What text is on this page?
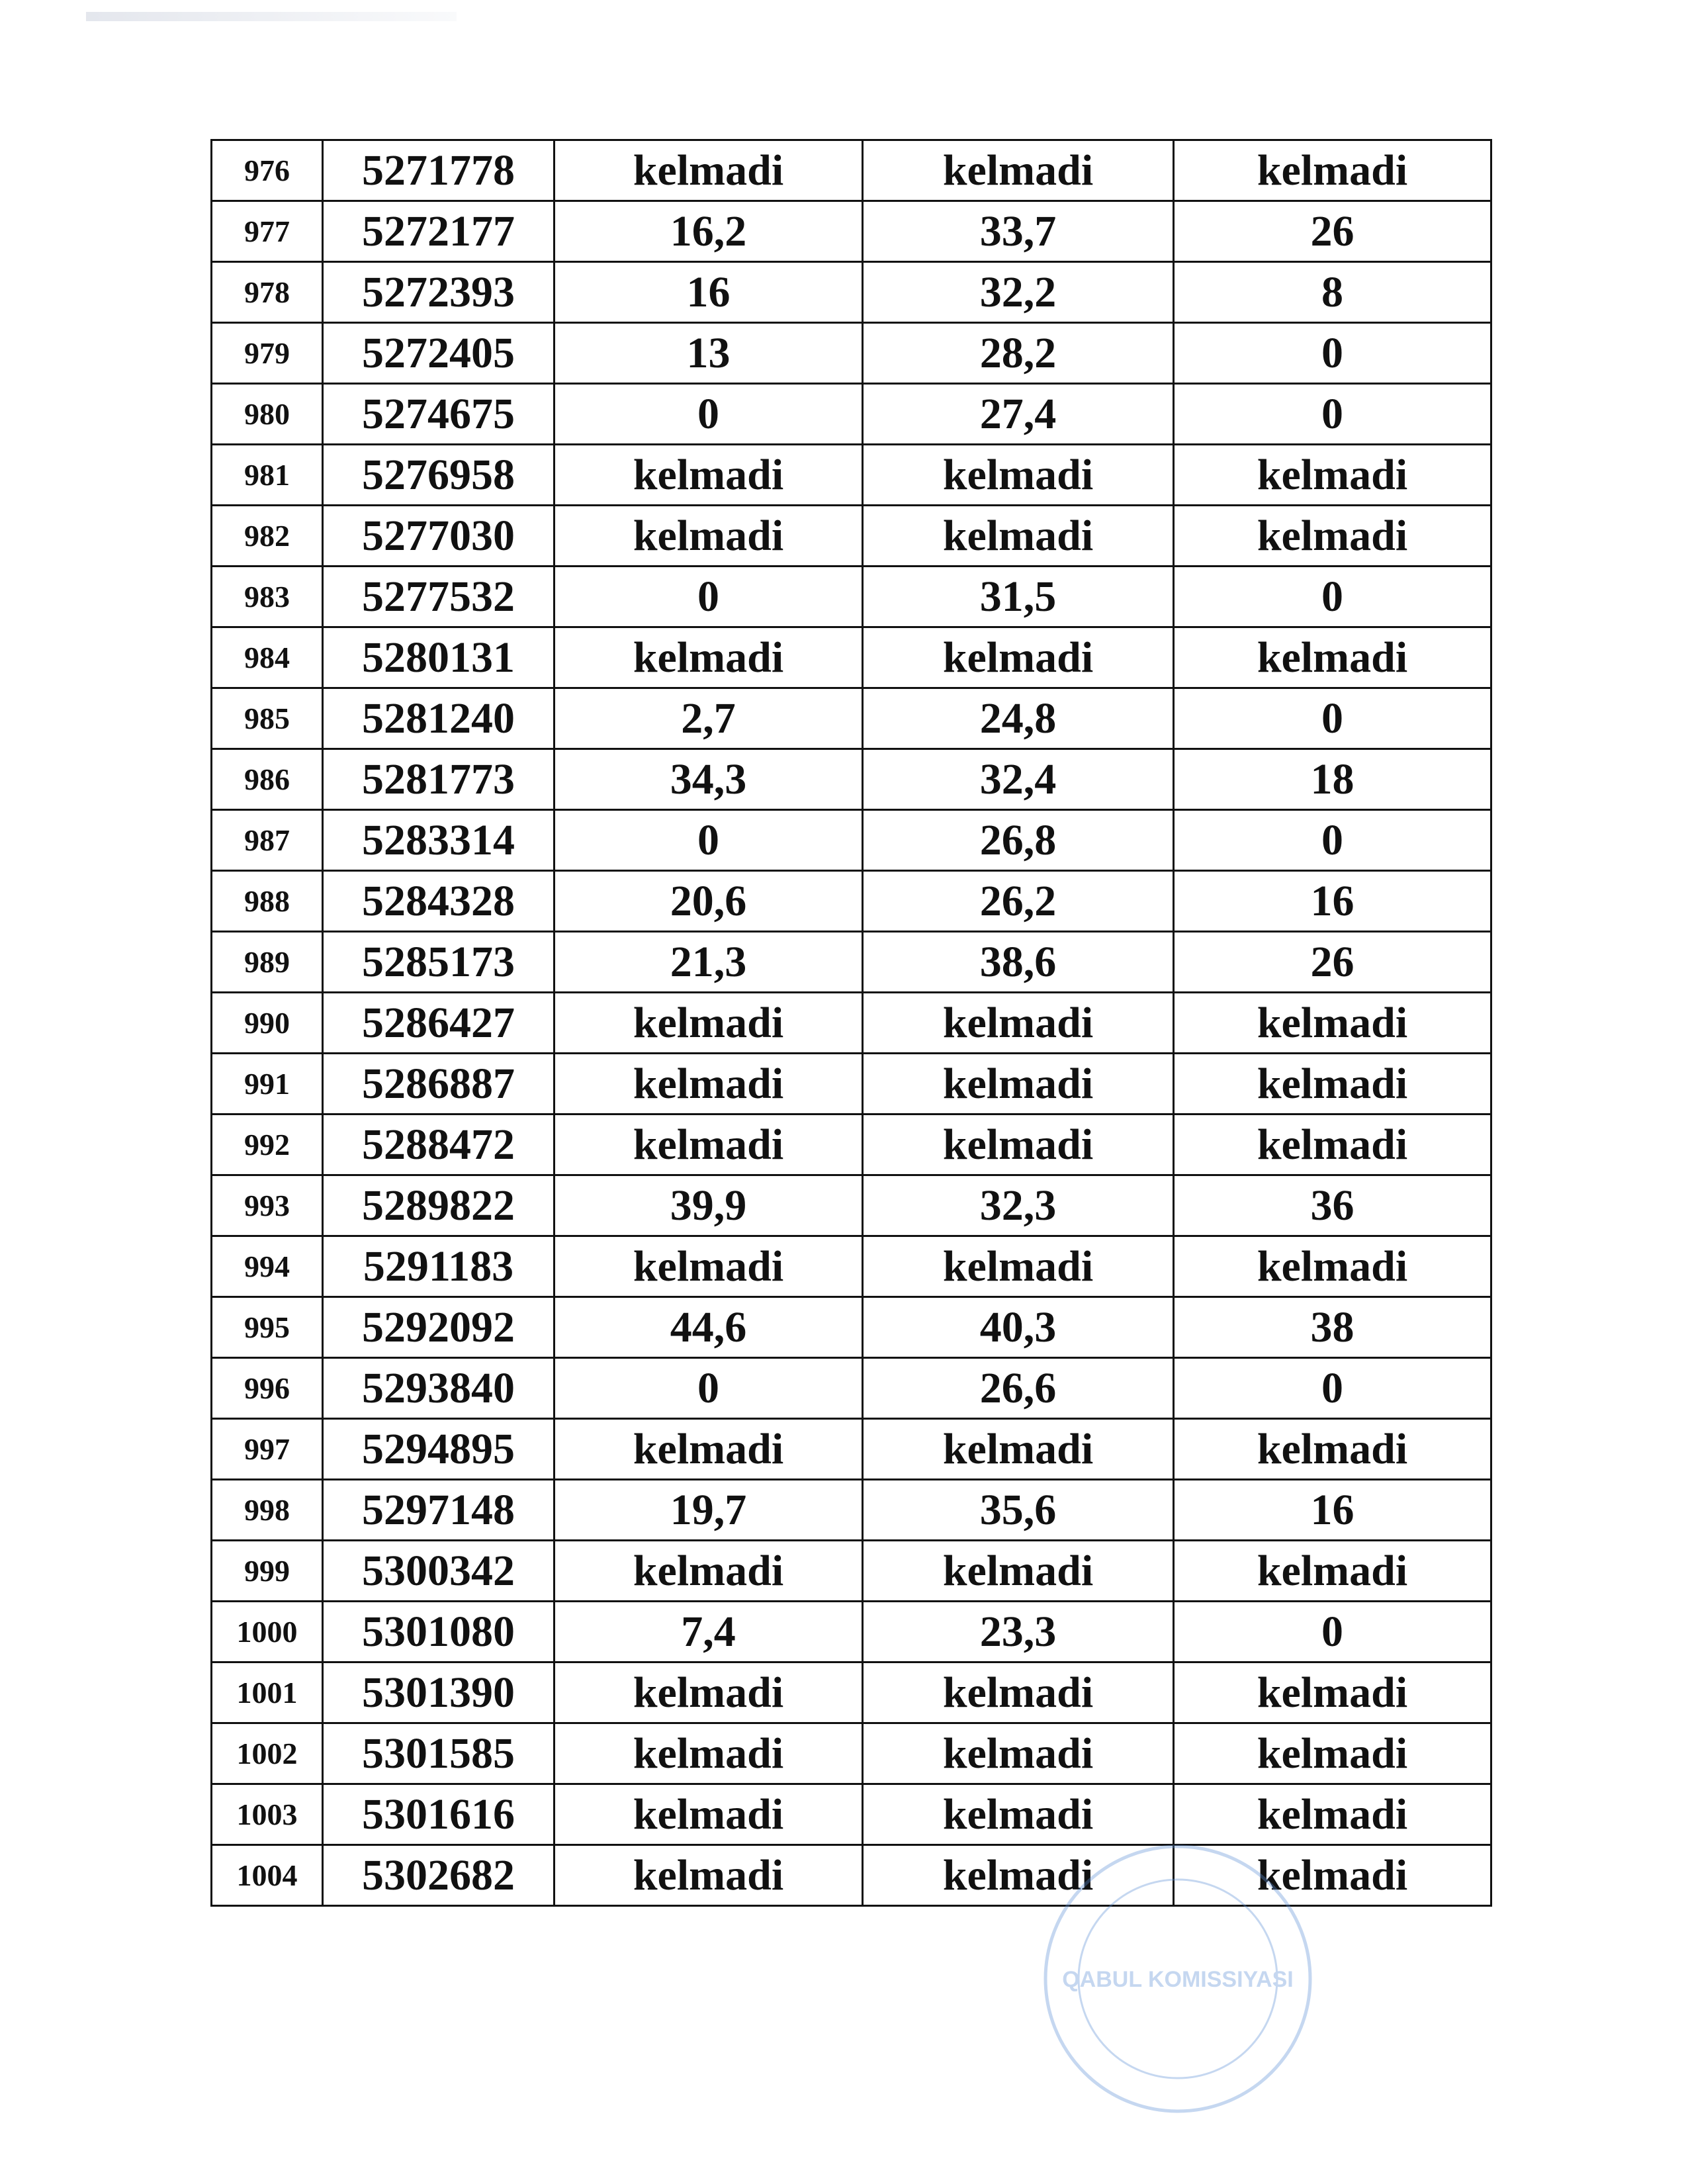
976	5271778	kelmadi	kelmadi	kelmadi
977	5272177	16,2	33,7	26
978	5272393	16	32,2	8
979	5272405	13	28,2	0
980	5274675	0	27,4	0
981	5276958	kelmadi	kelmadi	kelmadi
982	5277030	kelmadi	kelmadi	kelmadi
983	5277532	0	31,5	0
984	5280131	kelmadi	kelmadi	kelmadi
985	5281240	2,7	24,8	0
986	5281773	34,3	32,4	18
987	5283314	0	26,8	0
988	5284328	20,6	26,2	16
989	5285173	21,3	38,6	26
990	5286427	kelmadi	kelmadi	kelmadi
991	5286887	kelmadi	kelmadi	kelmadi
992	5288472	kelmadi	kelmadi	kelmadi
993	5289822	39,9	32,3	36
994	5291183	kelmadi	kelmadi	kelmadi
995	5292092	44,6	40,3	38
996	5293840	0	26,6	0
997	5294895	kelmadi	kelmadi	kelmadi
998	5297148	19,7	35,6	16
999	5300342	kelmadi	kelmadi	kelmadi
1000	5301080	7,4	23,3	0
1001	5301390	kelmadi	kelmadi	kelmadi
1002	5301585	kelmadi	kelmadi	kelmadi
1003	5301616	kelmadi	kelmadi	kelmadi
1004	5302682	kelmadi	kelmadi	kelmadi
QABUL KOMISSIYASI
